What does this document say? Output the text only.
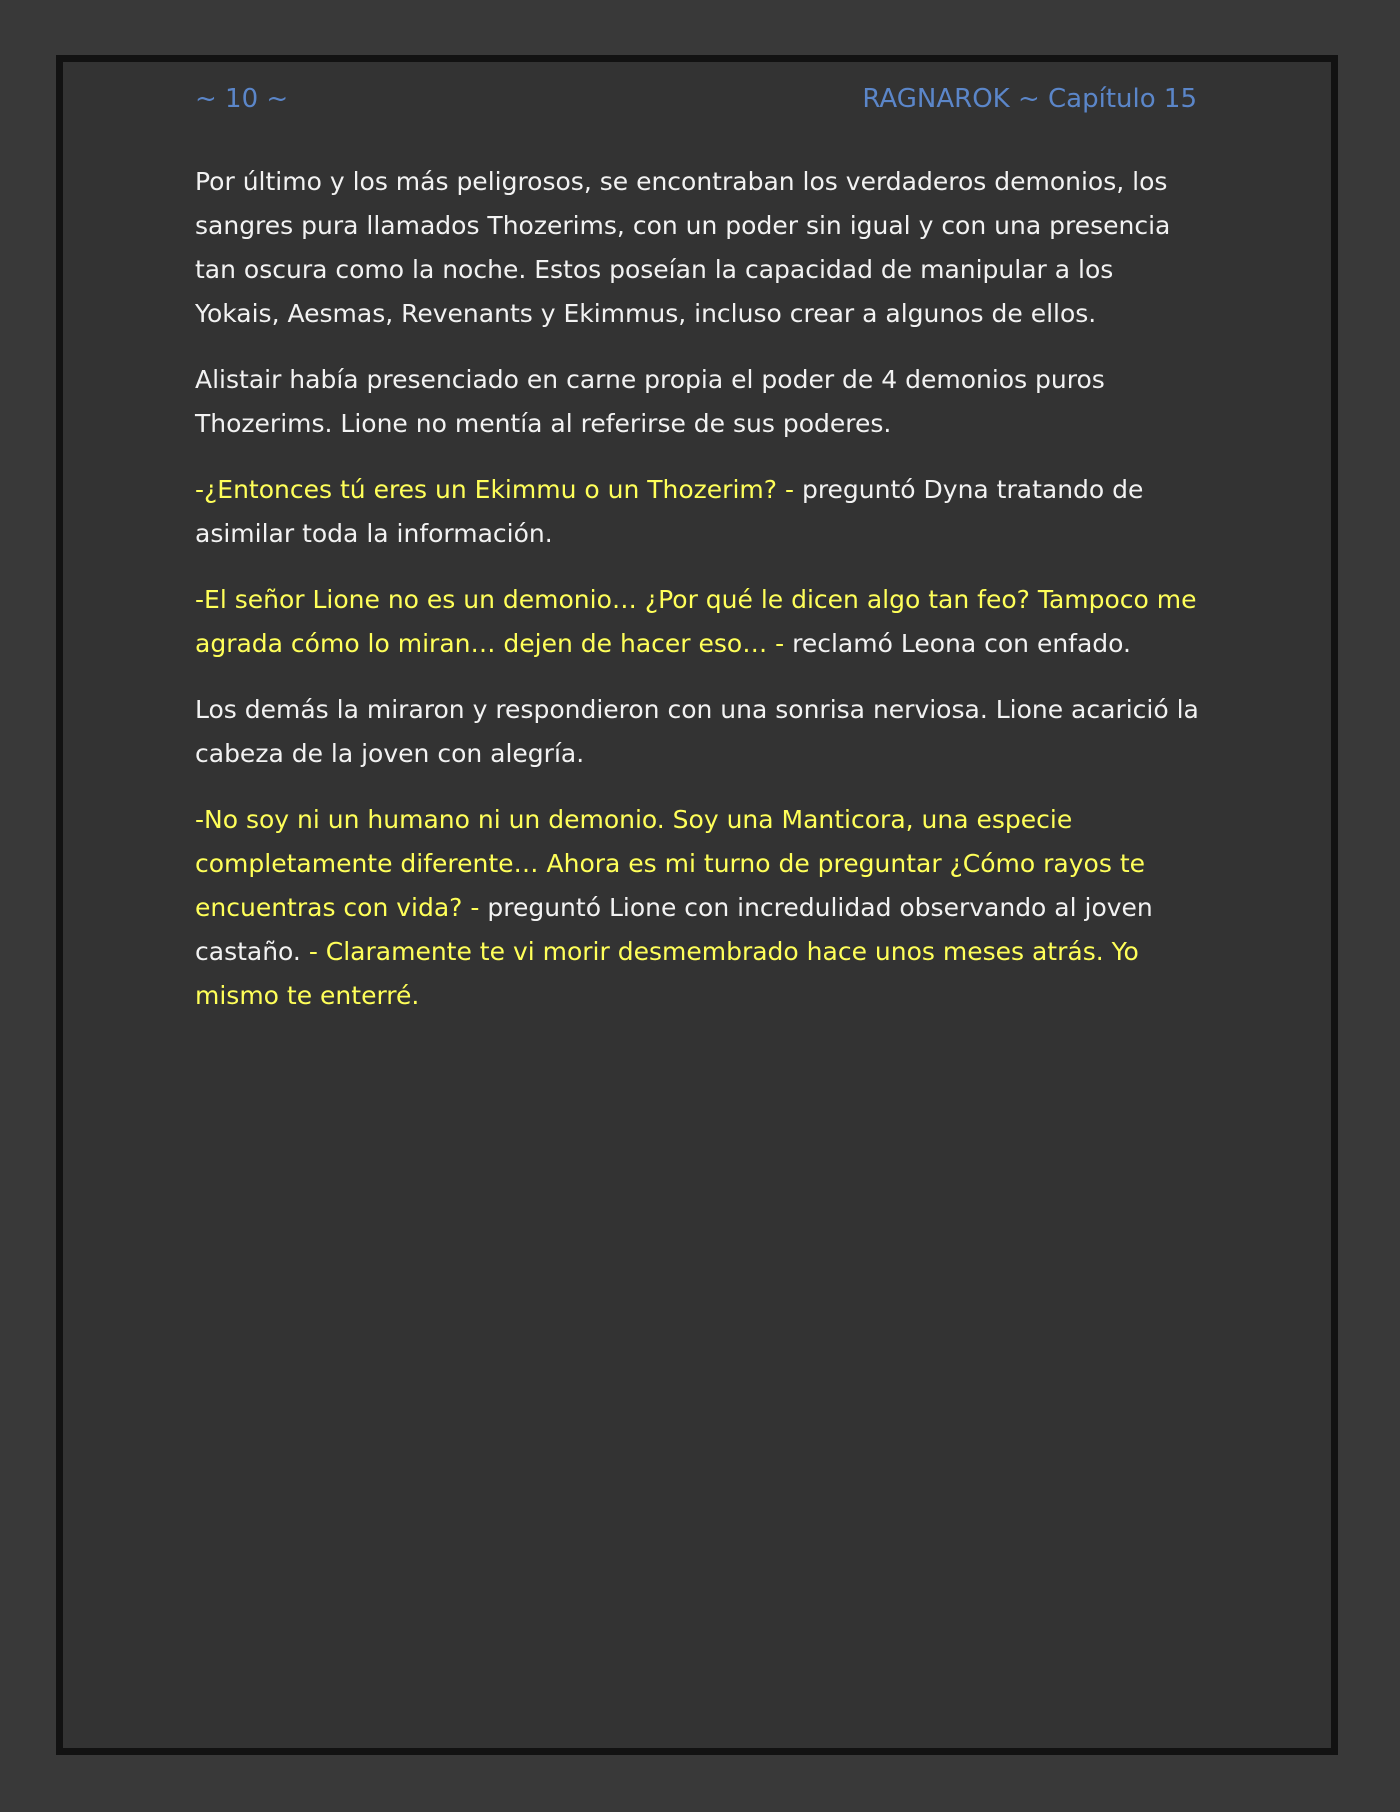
~ 10 ~	RAGNAROK ~ Capítulo 15

Por último y los más peligrosos, se encontraban los verdaderos demonios, los sangres pura llamados Thozerims, con un poder sin igual y con una presencia tan oscura como la noche. Estos poseían la capacidad de manipular a los Yokais, Aesmas, Revenants y Ekimmus, incluso crear a algunos de ellos.

Alistair había presenciado en carne propia el poder de 4 demonios puros Thozerims. Lione no mentía al referirse de sus poderes.

-¿Entonces tú eres un Ekimmu o un Thozerim? - preguntó Dyna tratando de asimilar toda la información.

-El señor Lione no es un demonio… ¿Por qué le dicen algo tan feo? Tampoco me agrada cómo lo miran… dejen de hacer eso… - reclamó Leona con enfado.

Los demás la miraron y respondieron con una sonrisa nerviosa. Lione acarició la cabeza de la joven con alegría.

-No soy ni un humano ni un demonio. Soy una Manticora, una especie completamente diferente… Ahora es mi turno de preguntar ¿Cómo rayos te encuentras con vida? - preguntó Lione con incredulidad observando al joven castaño. - Claramente te vi morir desmembrado hace unos meses atrás. Yo mismo te enterré.
